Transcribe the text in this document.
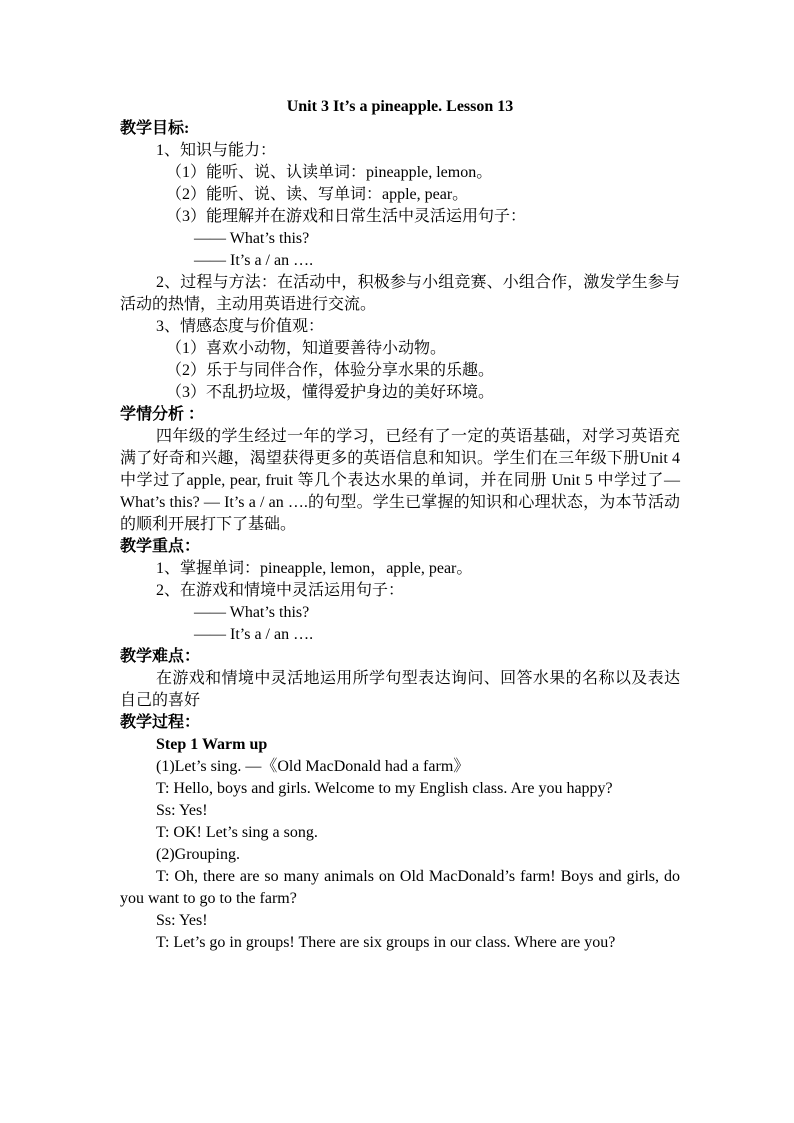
Unit 3 It’s a pineapple. Lesson 13

教学目标:

1、知识与能力：

（1）能听、说、认读单词：pineapple, lemon。

（2）能听、说、读、写单词：apple, pear。

（3）能理解并在游戏和日常生活中灵活运用句子：

—— What’s this?

—— It’s a / an ….

2、过程与方法：在活动中，积极参与小组竞赛、小组合作，激发学生参与活动的热情，主动用英语进行交流。

3、情感态度与价值观：

（1）喜欢小动物，知道要善待小动物。

（2）乐于与同伴合作，体验分享水果的乐趣。

（3）不乱扔垃圾，懂得爱护身边的美好环境。

学情分析 ：

四年级的学生经过一年的学习，已经有了一定的英语基础，对学习英语充满了好奇和兴趣，渴望获得更多的英语信息和知识。学生们在三年级下册Unit 4 中学过了apple, pear, fruit 等几个表达水果的单词，并在同册 Unit 5 中学过了— What’s this? — It’s a / an ….的句型。学生已掌握的知识和心理状态，为本节活动的顺利开展打下了基础。

教学重点：

1、掌握单词：pineapple, lemon，apple, pear。

2、在游戏和情境中灵活运用句子：

—— What’s this?

—— It’s a / an ….

教学难点：

在游戏和情境中灵活地运用所学句型表达询问、回答水果的名称以及表达自己的喜好

教学过程：

Step 1 Warm up

(1)Let’s sing. —《Old MacDonald had a farm》

T: Hello, boys and girls. Welcome to my English class. Are you happy?

Ss: Yes!

T: OK! Let’s sing a song.

(2)Grouping.

T: Oh, there are so many animals on Old MacDonald’s farm! Boys and girls, do you want to go to the farm?

Ss: Yes!

T: Let’s go in groups! There are six groups in our class. Where are you?
